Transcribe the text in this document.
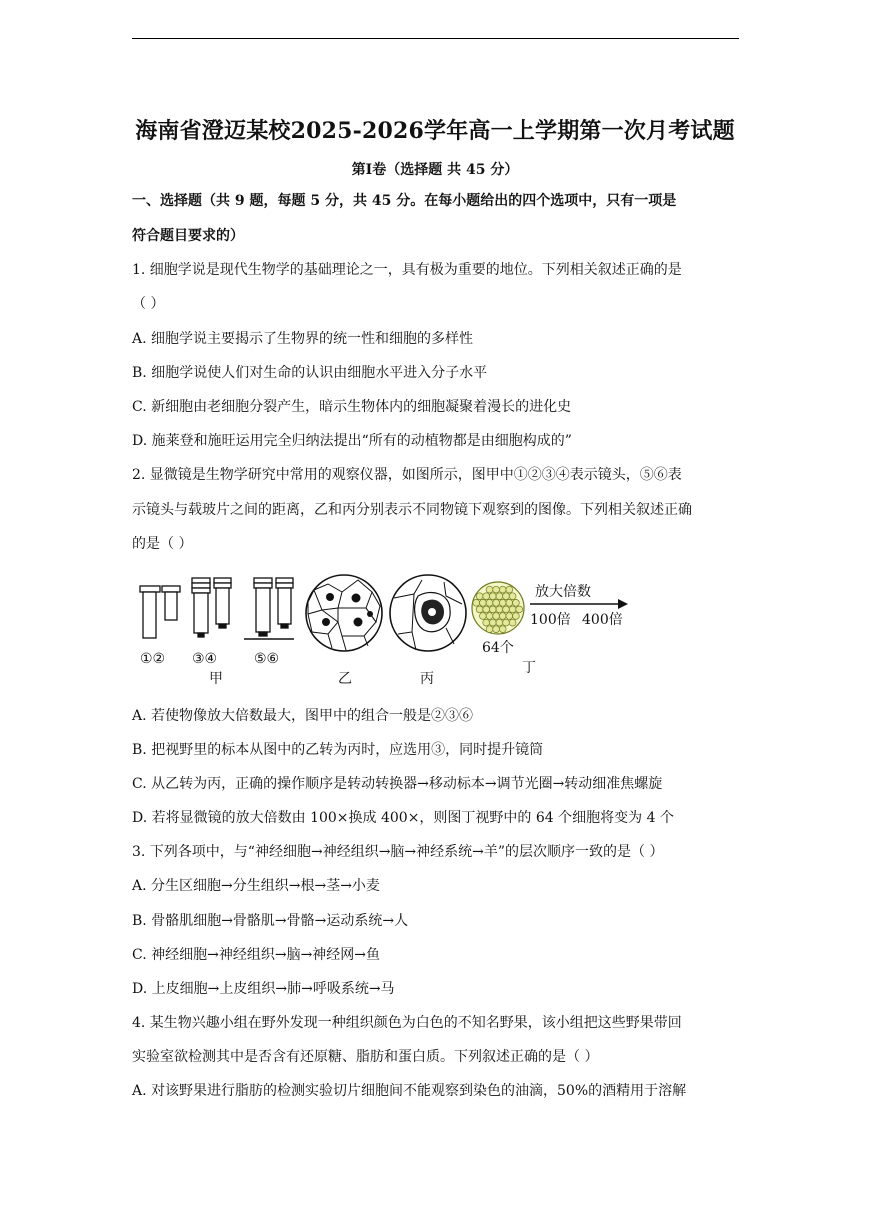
海南省澄迈某校2025-2026学年高一上学期第一次月考试题
第Ⅰ卷（选择题 共 45 分）
一、选择题（共 9 题，每题 5 分，共 45 分。在每小题给出的四个选项中，只有一项是
符合题目要求的）
1. 细胞学说是现代生物学的基础理论之一，具有极为重要的地位。下列相关叙述正确的是
（ ）
A. 细胞学说主要揭示了生物界的统一性和细胞的多样性
B. 细胞学说使人们对生命的认识由细胞水平进入分子水平
C. 新细胞由老细胞分裂产生，暗示生物体内的细胞凝聚着漫长的进化史
D. 施莱登和施旺运用完全归纳法提出“所有的动植物都是由细胞构成的”
2. 显微镜是生物学研究中常用的观察仪器，如图所示，图甲中①②③④表示镜头，⑤⑥表
示镜头与载玻片之间的距离，乙和丙分别表示不同物镜下观察到的图像。下列相关叙述正确
的是（ ）
①② ③④	⑤⑥
甲	乙	丙
64个
丁
放大倍数
100倍 400倍
A. 若使物像放大倍数最大，图甲中的组合一般是②③⑥
B. 把视野里的标本从图中的乙转为丙时，应选用③，同时提升镜筒
C. 从乙转为丙，正确的操作顺序是转动转换器→移动标本→调节光圈→转动细准焦螺旋
D. 若将显微镜的放大倍数由 100×换成 400×，则图丁视野中的 64 个细胞将变为 4 个
3. 下列各项中，与“神经细胞→神经组织→脑→神经系统→羊”的层次顺序一致的是（ ）
A. 分生区细胞→分生组织→根→茎→小麦
B. 骨骼肌细胞→骨骼肌→骨骼→运动系统→人
C. 神经细胞→神经组织→脑→神经网→鱼
D. 上皮细胞→上皮组织→肺→呼吸系统→马
4. 某生物兴趣小组在野外发现一种组织颜色为白色的不知名野果，该小组把这些野果带回
实验室欲检测其中是否含有还原糖、脂肪和蛋白质。下列叙述正确的是（ ）
A. 对该野果进行脂肪的检测实验切片细胞间不能观察到染色的油滴，50%的酒精用于溶解
